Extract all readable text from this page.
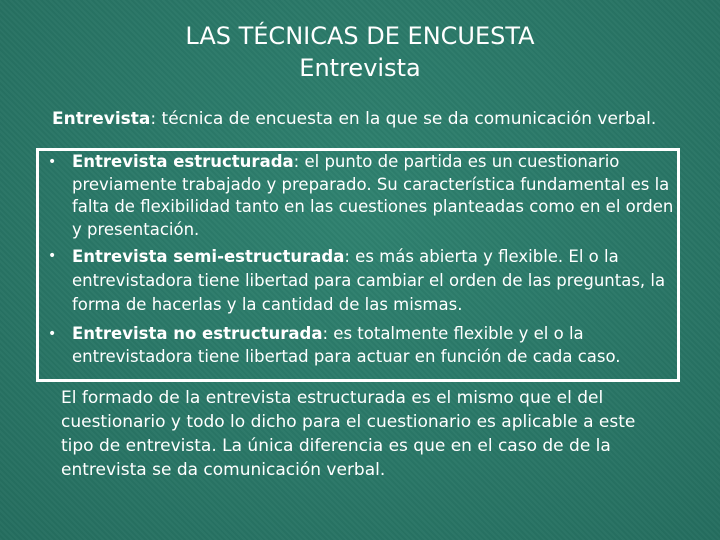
LAS TÉCNICAS DE ENCUESTA
Entrevista
Entrevista: técnica de encuesta en la que se da comunicación verbal.
• Entrevista estructurada: el punto de partida es un cuestionario previamente trabajado y preparado. Su característica fundamental es la falta de flexibilidad tanto en las cuestiones planteadas como en el orden y presentación.
• Entrevista semi-estructurada: es más abierta y flexible. El o la entrevistadora tiene libertad para cambiar el orden de las preguntas, la forma de hacerlas y la cantidad de las mismas.
• Entrevista no estructurada: es totalmente flexible y el o la entrevistadora tiene libertad para actuar en función de cada caso.
El formado de la entrevista estructurada es el mismo que el del cuestionario y todo lo dicho para el cuestionario es aplicable a este tipo de entrevista. La única diferencia es que en el caso de de la entrevista se da comunicación verbal.
